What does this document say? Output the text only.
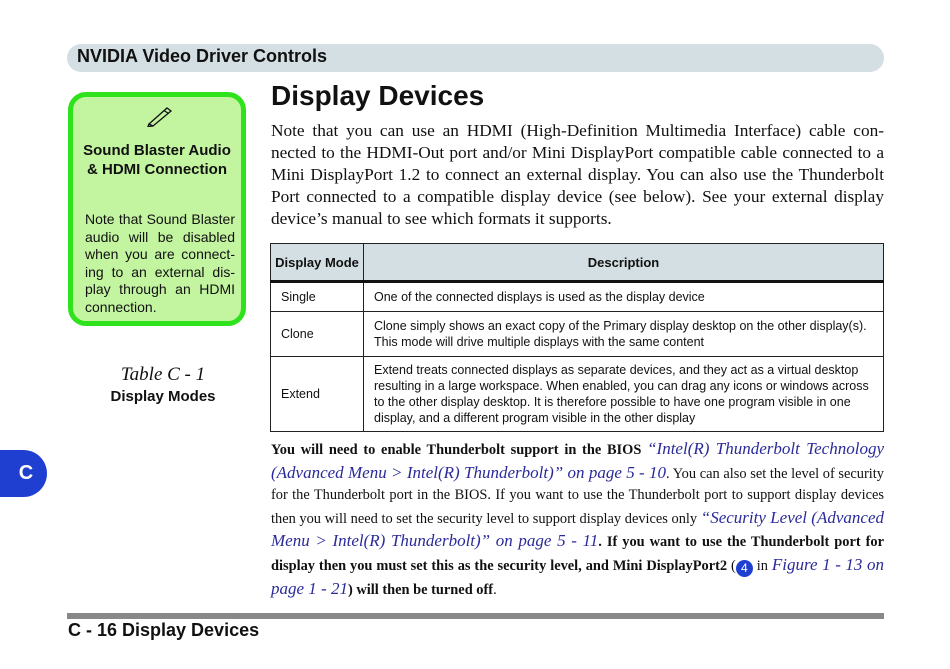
NVIDIA Video Driver Controls
Sound Blaster Audio & HDMI Connection
Note that Sound Blaster audio will be disabled when you are connecting to an external display through an HDMI connection.
Table C - 1
Display Modes
Display Devices

Note that you can use an HDMI (High-Definition Multimedia Interface) cable connected to the HDMI-Out port and/or Mini DisplayPort compatible cable connected to a Mini DisplayPort 1.2 to connect an external display. You can also use the Thunderbolt Port connected to a compatible display device (see below). See your external display device’s manual to see which formats it supports.

Display Mode	Description
Single	One of the connected displays is used as the display device
Clone	Clone simply shows an exact copy of the Primary display desktop on the other display(s). This mode will drive multiple displays with the same content
Extend	Extend treats connected displays as separate devices, and they act as a virtual desktop resulting in a large workspace. When enabled, you can drag any icons or windows across to the other display desktop. It is therefore possible to have one program visible in one display, and a different program visible in the other display

You will need to enable Thunderbolt support in the BIOS “Intel(R) Thunderbolt Technology (Advanced Menu > Intel(R) Thunderbolt)” on page 5 - 10. You can also set the level of security for the Thunderbolt port in the BIOS. If you want to use the Thunderbolt port to support display devices then you will need to set the security level to support display devices only “Security Level (Advanced Menu > Intel(R) Thunderbolt)” on page 5 - 11. If you want to use the Thunderbolt port for display then you must set this as the security level, and Mini DisplayPort2 ( 4 in Figure 1 - 13 on page 1 - 21) will then be turned off.

C
C - 16 Display Devices
